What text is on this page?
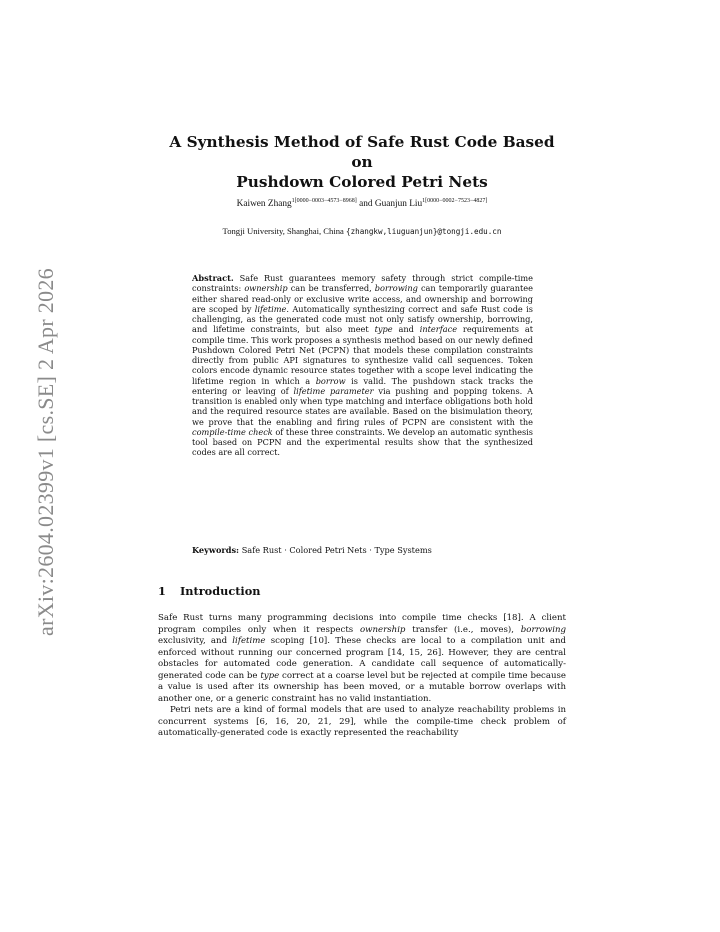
arXiv:2604.02399v1 [cs.SE] 2 Apr 2026
A Synthesis Method of Safe Rust Code Based on
Pushdown Colored Petri Nets
Kaiwen Zhang$^{1[0000-0003-4573-8968]}$ and Guanjun Liu$^{1[0000-0002-7523-4827]}$
Tongji University, Shanghai, China {zhangkw,liuguanjun}@tongji.edu.cn
Abstract. Safe Rust guarantees memory safety through strict compile-time constraints: ownership can be transferred, borrowing can temporarily guarantee either shared read-only or exclusive write access, and ownership and borrowing are scoped by lifetime. Automatically synthesizing correct and safe Rust code is challenging, as the generated code must not only satisfy ownership, borrowing, and lifetime constraints, but also meet type and interface requirements at compile time. This work proposes a synthesis method based on our newly defined Pushdown Colored Petri Net (PCPN) that models these compilation constraints directly from public API signatures to synthesize valid call sequences. Token colors encode dynamic resource states together with a scope level indicating the lifetime region in which a borrow is valid. The pushdown stack tracks the entering or leaving of lifetime parameter via pushing and popping tokens. A transition is enabled only when type matching and interface obligations both hold and the required resource states are available. Based on the bisimulation theory, we prove that the enabling and firing rules of PCPN are consistent with the compile-time check of these three constraints. We develop an automatic synthesis tool based on PCPN and the experimental results show that the synthesized codes are all correct.
Keywords: Safe Rust · Colored Petri Nets · Type Systems
1 Introduction

Safe Rust turns many programming decisions into compile time checks [18]. A client program compiles only when it respects ownership transfer (i.e., moves), borrowing exclusivity, and lifetime scoping [10]. These checks are local to a compilation unit and enforced without running our concerned program [14, 15, 26]. However, they are central obstacles for automated code generation. A candidate call sequence of automatically-generated code can be type correct at a coarse level but be rejected at compile time because a value is used after its ownership has been moved, or a mutable borrow overlaps with another one, or a generic constraint has no valid instantiation.

Petri nets are a kind of formal models that are used to analyze reachability problems in concurrent systems [6, 16, 20, 21, 29], while the compile-time check problem of automatically-generated code is exactly represented the reachability
